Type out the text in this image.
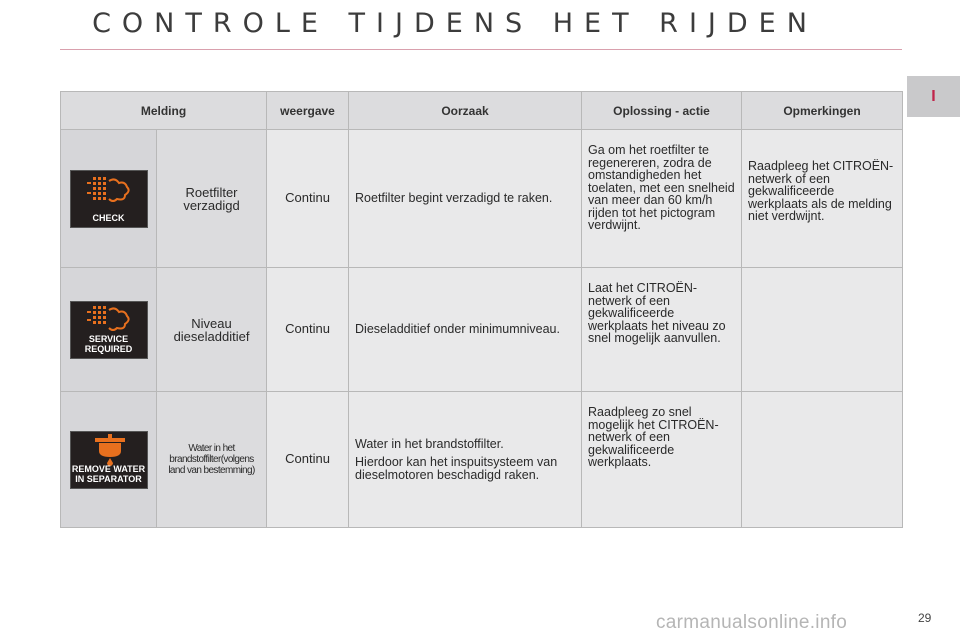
CONTROLE TIJDENS HET RIJDEN
I
Melding		weergave	Oorzaak	Oplossing - actie	Opmerkingen

CHECK	Roetfilter verzadigd	Continu	Roetfilter begint verzadigd te raken.	Ga om het roetfilter te regenereren, zodra de omstandigheden het toelaten, met een snelheid van meer dan 60 km/h rijden tot het pictogram verdwijnt.	Raadpleeg het CITROËN-netwerk of een gekwalificeerde werkplaats als de melding niet verdwijnt.

SERVICE REQUIRED	Niveau dieseladditief	Continu	Dieseladditief onder minimumniveau.	Laat het CITROËN-netwerk of een gekwalificeerde werkplaats het niveau zo snel mogelijk aanvullen.	

REMOVE WATER IN SEPARATOR	Water in het brandstoffilter(volgens land van bestemming)	Continu	Water in het brandstoffilter.
Hierdoor kan het inspuitsysteem van dieselmotoren beschadigd raken.	Raadpleeg zo snel mogelijk het CITROËN-netwerk of een gekwalificeerde werkplaats.	
carmanualsonline.info	29
